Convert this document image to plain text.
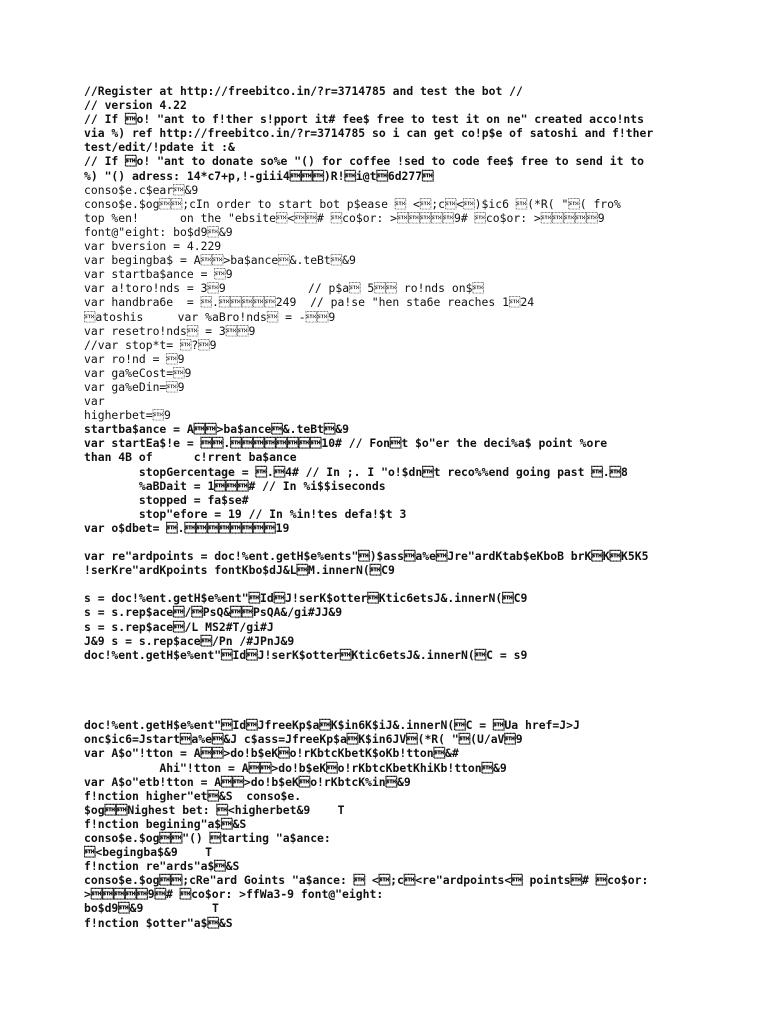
//Register at http://freebitco.in/?r=3714785 and test the bot //
// version 4.22
// If o! "ant to f!ther s!pport it# fee$ free to test it on ne" created acco!nts
via %) ref http://freebitco.in/?r=3714785 so i can get co!p$e of satoshi and f!ther
test/edit/!pdate it :&
// If o! "ant to donate so%e "() for coffee !sed to code fee$ free to send it to
%) "() adress: 14*c7+p,!-giii4)R!i@t6d277
conso$e.c$ear&9
conso$e.$og;cIn order to start bot p$ease  <;c<)$ic6 (*R( "( fro%
top %en!      on the "ebsite<# co$or: >9# co$or: >9
font@"eight: bo$d9&9
var bversion = 4.229
var begingba$ = A>ba$ance&.teBt&9
var startba$ance = 9
var a!toro!nds = 39            // p$a 5 ro!nds on$
var handbra6e  = .249  // pa!se "hen sta6e reaches 124
atoshis     var %aBro!nds = -9
var resetro!nds = 39
//var stop*t= ?9
var ro!nd = 9
var ga%eCost=9
var ga%eDin=9
var
higherbet=9
startba$ance = A>ba$ance&.teBt&9
var startEa$!e = .10# // Font $o"er the deci%a$ point %ore
than 4B of      c!rrent ba$ance
stopGercentage = .4# // In ;. I "o!$dnt reco%%end going past .8
%aBDait = 1# // In %i$$iseconds
stopped = fa$se#
stop"efore = 19 // In %in!tes defa!$t 3
var o$dbet= .19
var re"ardpoints = doc!%ent.getH$e%ents")$assa%eJre"ardKtab$eKboB brKKK5K5
!serKre"ardKpoints fontKbo$dJ&LM.innerN(C9
s = doc!%ent.getH$e%ent"IdJ!serK$otterKtic6etsJ&.innerN(C9
s = s.rep$ace/PsQ&PsQA&/gi#JJ&9
s = s.rep$ace/L MS2#T/gi#J
J&9 s = s.rep$ace/Pn /#JPnJ&9
doc!%ent.getH$e%ent"IdJ!serK$otterKtic6etsJ&.innerN(C = s9
doc!%ent.getH$e%ent"IdJfreeKp$aK$in6K$iJ&.innerN(C = Ua href=J>J
onc$ic6=Jstarta%e&J c$ass=JfreeKp$aK$in6JV(*R( "(U/aV9
var A$o"!tton = A>do!b$eKo!rKbtcKbetK$oKb!tton&#
Ahi"!tton = A>do!b$eKo!rKbtcKbetKhiKb!tton&9
var A$o"etb!tton = A>do!b$eKo!rKbtcK%in&9
f!nction higher"et&S  conso$e.
$ogNighest bet: <higherbet&9    T
f!nction begining"a$&S
conso$e.$og"() tarting "a$ance:
<begingba$&9    T
f!nction re"ards"a$&S
conso$e.$og;cRe"ard Goints "a$ance:  <;c<re"ardpoints< points# co$or:
>9# co$or: >ffWa3-9 font@"eight:
bo$d9&9          T
f!nction $otter"a$&S
